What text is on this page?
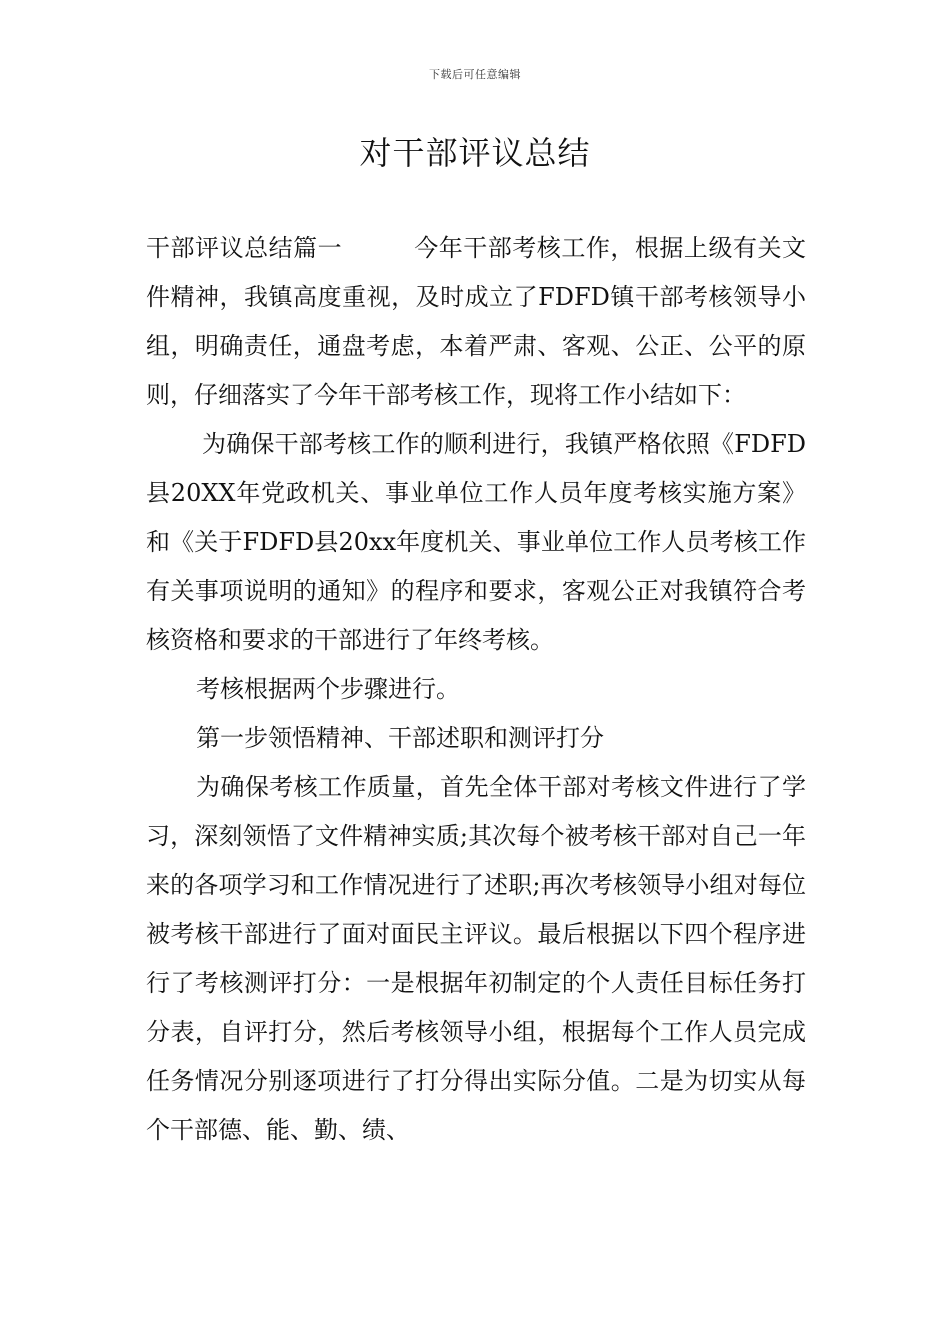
下载后可任意编辑
对干部评议总结

干部评议总结篇一	今年干部考核工作，根据上级有关文件精神，我镇高度重视，及时成立了FDFD镇干部考核领导小组，明确责任，通盘考虑，本着严肃、客观、公正、公平的原则，仔细落实了今年干部考核工作，现将工作小结如下：

为确保干部考核工作的顺利进行，我镇严格依照《FDFD县20XX年党政机关、事业单位工作人员年度考核实施方案》和《关于FDFD县20xx年度机关、事业单位工作人员考核工作有关事项说明的通知》的程序和要求，客观公正对我镇符合考核资格和要求的干部进行了年终考核。

考核根据两个步骤进行。

第一步领悟精神、干部述职和测评打分

为确保考核工作质量，首先全体干部对考核文件进行了学习，深刻领悟了文件精神实质;其次每个被考核干部对自己一年来的各项学习和工作情况进行了述职;再次考核领导小组对每位被考核干部进行了面对面民主评议。最后根据以下四个程序进行了考核测评打分：一是根据年初制定的个人责任目标任务打分表，自评打分，然后考核领导小组，根据每个工作人员完成任务情况分别逐项进行了打分得出实际分值。二是为切实从每个干部德、能、勤、绩、
